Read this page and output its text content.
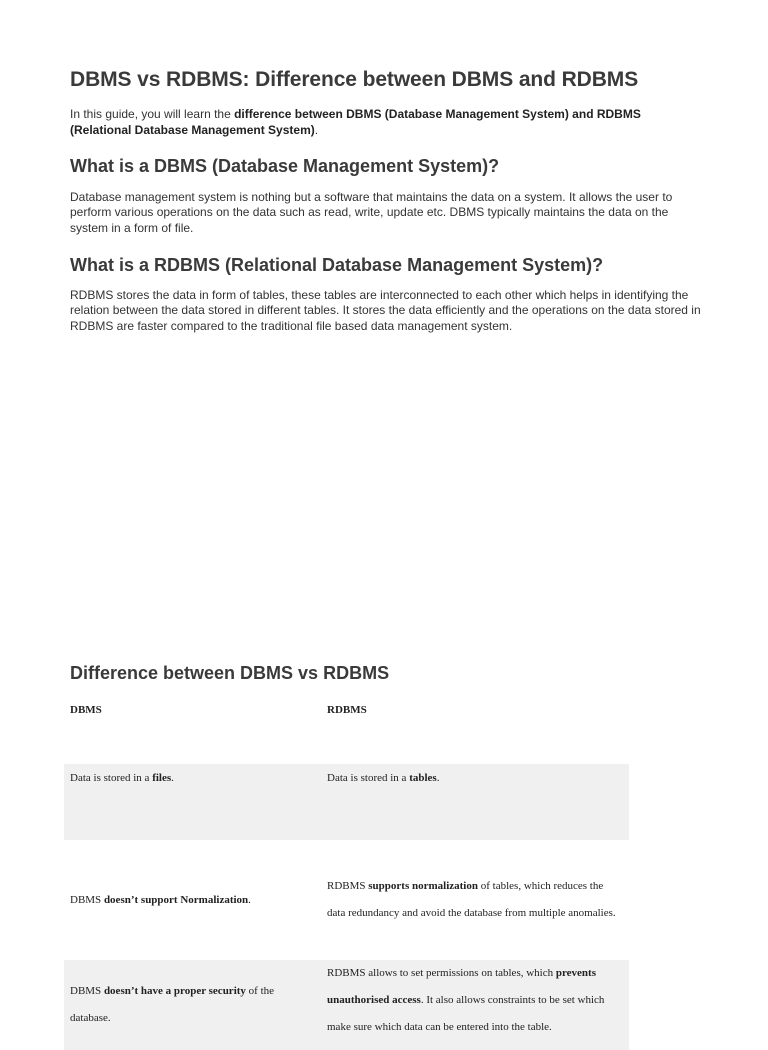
DBMS vs RDBMS: Difference between DBMS and RDBMS

In this guide, you will learn the difference between DBMS (Database Management System) and RDBMS (Relational Database Management System).

What is a DBMS (Database Management System)?

Database management system is nothing but a software that maintains the data on a system. It allows the user to perform various operations on the data such as read, write, update etc. DBMS typically maintains the data on the system in a form of file.

What is a RDBMS (Relational Database Management System)?

RDBMS stores the data in form of tables, these tables are interconnected to each other which helps in identifying the relation between the data stored in different tables. It stores the data efficiently and the operations on the data stored in RDBMS are faster compared to the traditional file based data management system.

Difference between DBMS vs RDBMS
DBMS	RDBMS

Data is stored in a files.	Data is stored in a tables.
DBMS doesn’t support Normalization.	RDBMS supports normalization of tables, which reduces the data redundancy and avoid the database from multiple anomalies.
DBMS doesn’t have a proper security of the database.	RDBMS allows to set permissions on tables, which prevents unauthorised access. It also allows constraints to be set which make sure which data can be entered into the table.
